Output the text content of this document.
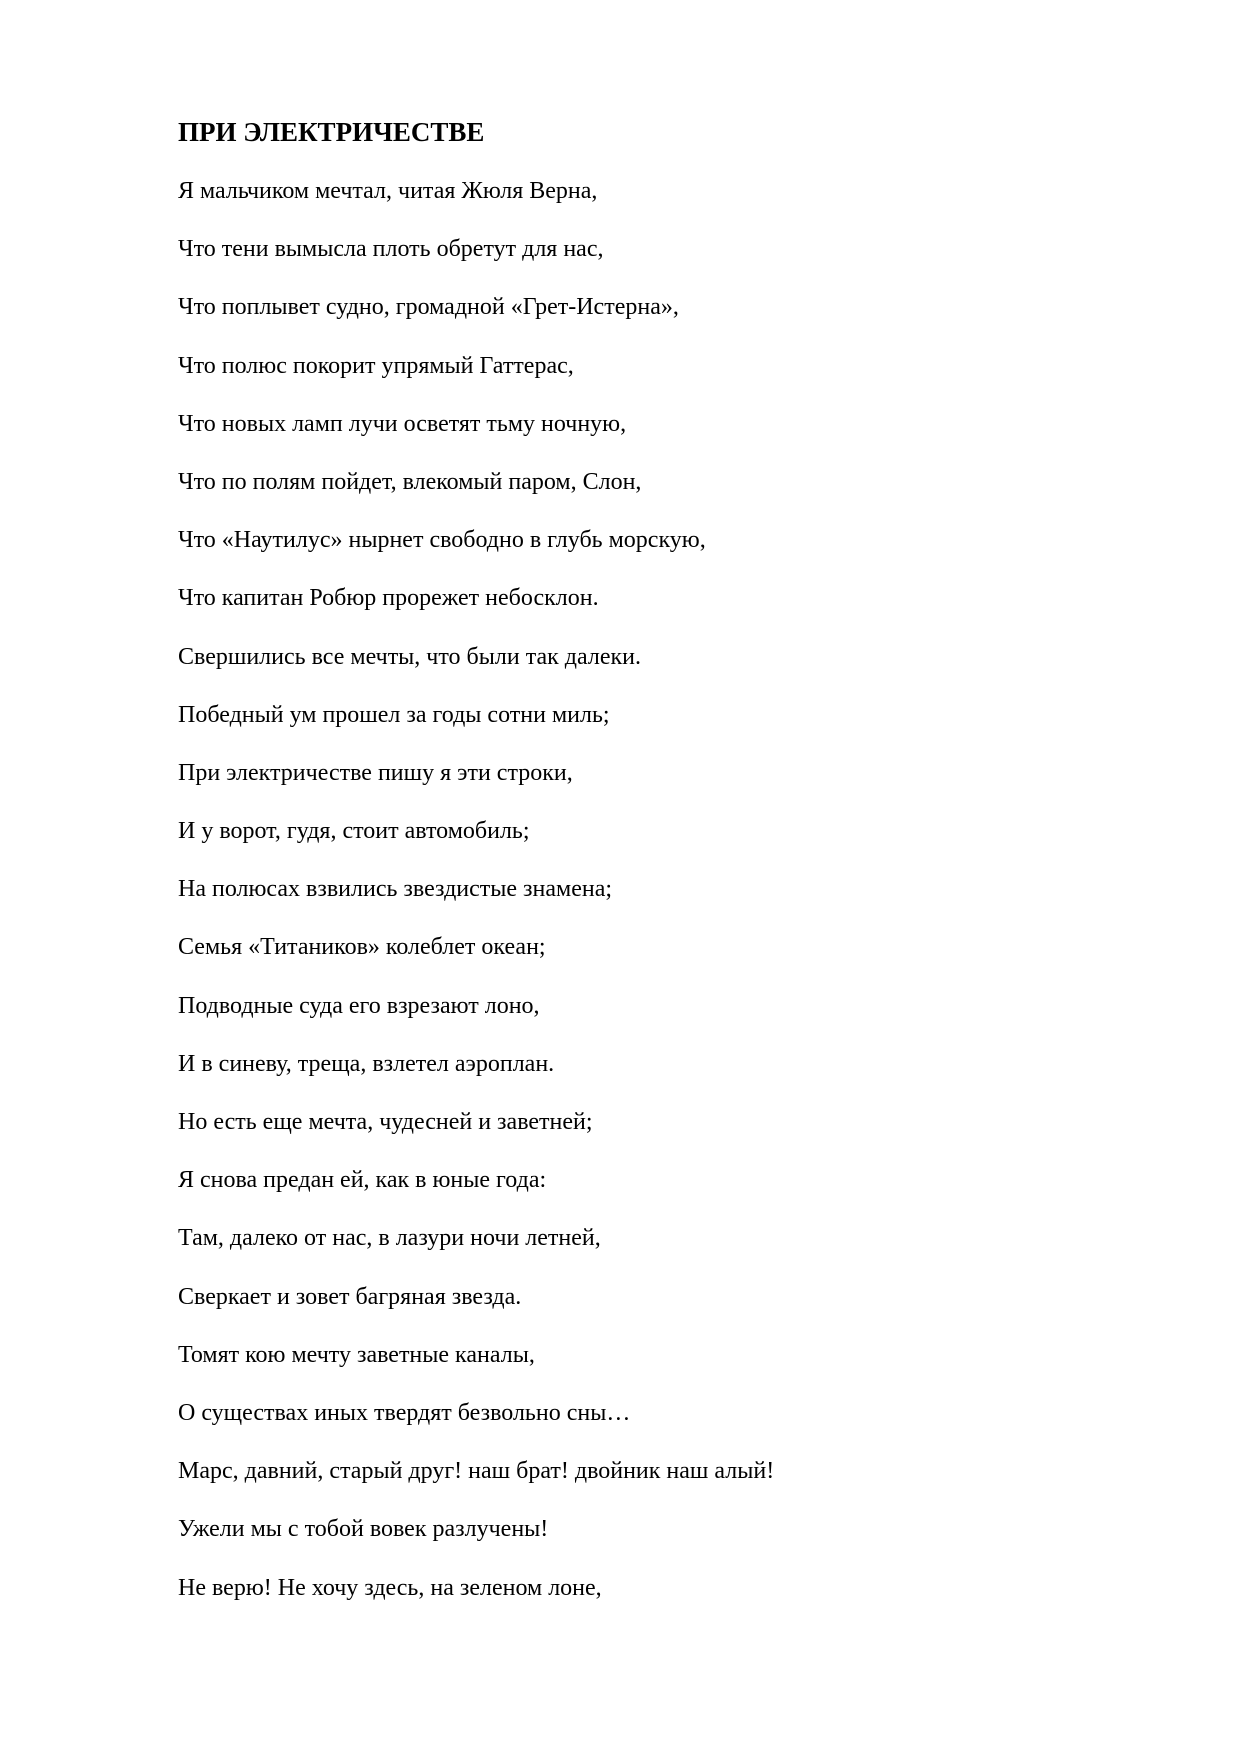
ПРИ ЭЛЕКТРИЧЕСТВЕ
Я мальчиком мечтал, читая Жюля Верна,
Что тени вымысла плоть обретут для нас,
Что поплывет судно, громадной «Грет-Истерна»,
Что полюс покорит упрямый Гаттерас,
Что новых ламп лучи осветят тьму ночную,
Что по полям пойдет, влекомый паром, Слон,
Что «Наутилус» нырнет свободно в глубь морскую,
Что капитан Робюр прорежет небосклон.
Свершились все мечты, что были так далеки.
Победный ум прошел за годы сотни миль;
При электричестве пишу я эти строки,
И у ворот, гудя, стоит автомобиль;
На полюсах взвились звездистые знамена;
Семья «Титаников» колеблет океан;
Подводные суда его взрезают лоно,
И в синеву, треща, взлетел аэроплан.
Но есть еще мечта, чудесней и заветней;
Я снова предан ей, как в юные года:
Там, далеко от нас, в лазури ночи летней,
Сверкает и зовет багряная звезда.
Томят кою мечту заветные каналы,
О существах иных твердят безвольно сны…
Марс, давний, старый друг! наш брат! двойник наш алый!
Ужели мы с тобой вовек разлучены!
Не верю! Не хочу здесь, на зеленом лоне,
